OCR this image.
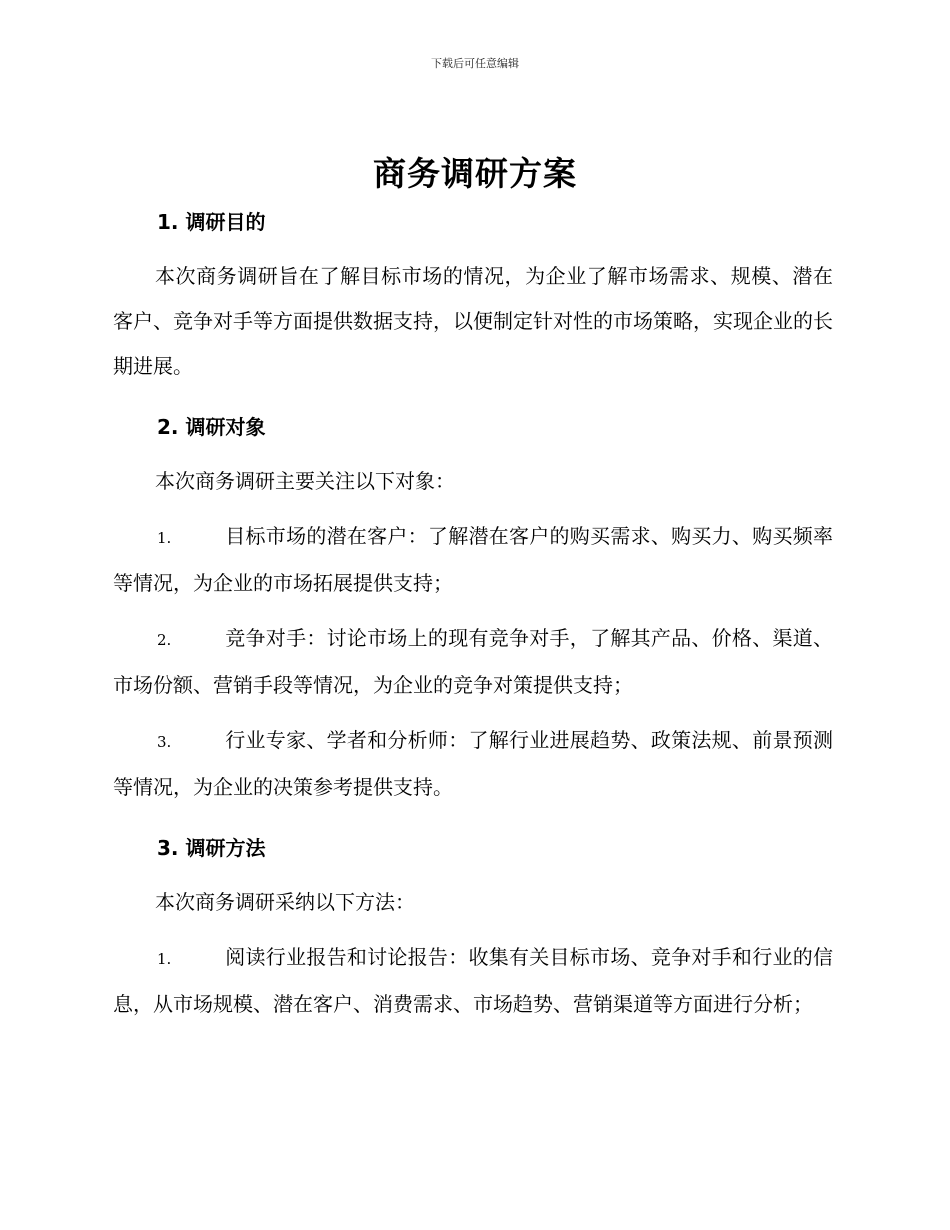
下载后可任意编辑
商务调研方案
1. 调研目的

本次商务调研旨在了解目标市场的情况，为企业了解市场需求、规模、潜在客户、竞争对手等方面提供数据支持，以便制定针对性的市场策略，实现企业的长期进展。

2. 调研对象

本次商务调研主要关注以下对象：

1.	目标市场的潜在客户：了解潜在客户的购买需求、购买力、购买频率等情况，为企业的市场拓展提供支持；

2.	竞争对手：讨论市场上的现有竞争对手，了解其产品、价格、渠道、市场份额、营销手段等情况，为企业的竞争对策提供支持；

3.	行业专家、学者和分析师：了解行业进展趋势、政策法规、前景预测等情况，为企业的决策参考提供支持。

3. 调研方法

本次商务调研采纳以下方法：

1.	阅读行业报告和讨论报告：收集有关目标市场、竞争对手和行业的信息，从市场规模、潜在客户、消费需求、市场趋势、营销渠道等方面进行分析；
